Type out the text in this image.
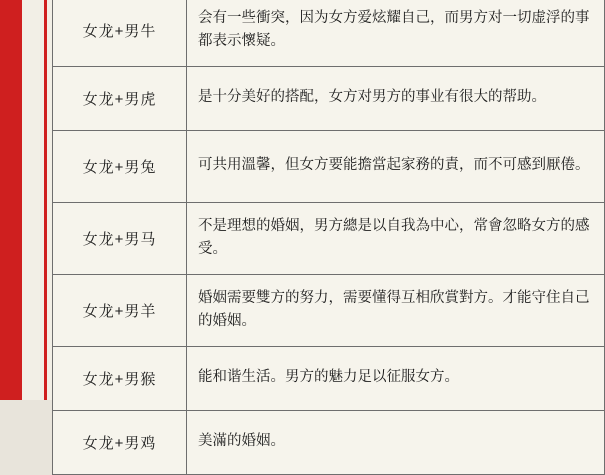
女龙+男牛	会有一些衝突，因为女方爱炫耀自己，而男方对一切虚浮的事都表示懷疑。
女龙+男虎	是十分美好的搭配，女方对男方的事业有很大的帮助。
女龙+男兔	可共用溫馨，但女方要能擔當起家務的責，而不可感到厭倦。
女龙+男马	不是理想的婚姻，男方總是以自我為中心，常會忽略女方的感受。
女龙+男羊	婚姻需要雙方的努力，需要懂得互相欣賞對方。才能守住自己的婚姻。
女龙+男猴	能和谐生活。男方的魅力足以征服女方。
女龙+男鸡	美滿的婚姻。
